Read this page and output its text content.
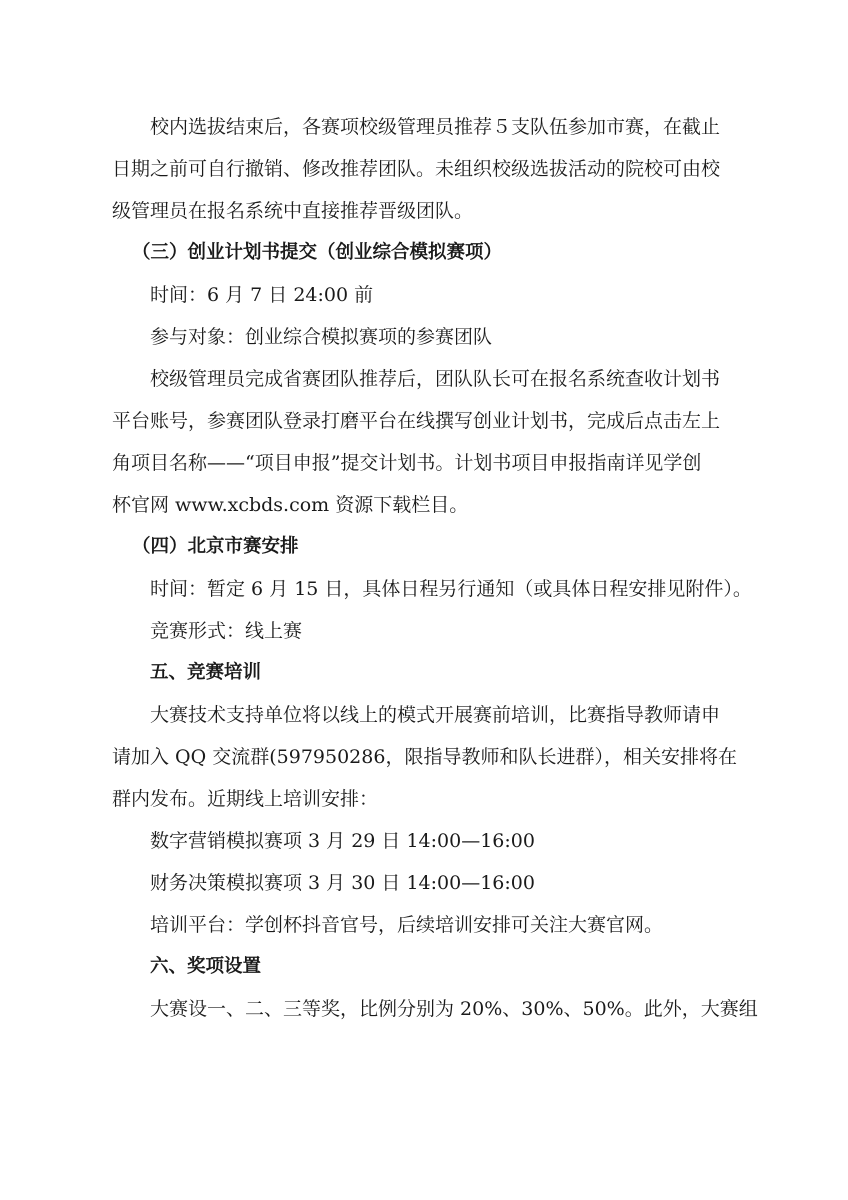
校内选拔结束后，各赛项校级管理员推荐５支队伍参加市赛，在截止
日期之前可自行撤销、修改推荐团队。未组织校级选拔活动的院校可由校
级管理员在报名系统中直接推荐晋级团队。
（三）创业计划书提交（创业综合模拟赛项）
时间：6 月 7 日 24:00 前
参与对象：创业综合模拟赛项的参赛团队
校级管理员完成省赛团队推荐后，团队队长可在报名系统查收计划书
平台账号，参赛团队登录打磨平台在线撰写创业计划书，完成后点击左上
角项目名称——“项目申报”提交计划书。计划书项目申报指南详见学创
杯官网 www.xcbds.com 资源下载栏目。
（四）北京市赛安排
时间：暂定 6 月 15 日，具体日程另行通知（或具体日程安排见附件）。
竞赛形式：线上赛
五、竞赛培训
大赛技术支持单位将以线上的模式开展赛前培训，比赛指导教师请申
请加入 QQ 交流群(597950286，限指导教师和队长进群），相关安排将在
群内发布。近期线上培训安排：
数字营销模拟赛项 3 月 29 日 14:00—16:00
财务决策模拟赛项 3 月 30 日 14:00—16:00
培训平台：学创杯抖音官号，后续培训安排可关注大赛官网。
六、奖项设置
大赛设一、二、三等奖，比例分别为 20%、30%、50%。此外，大赛组
